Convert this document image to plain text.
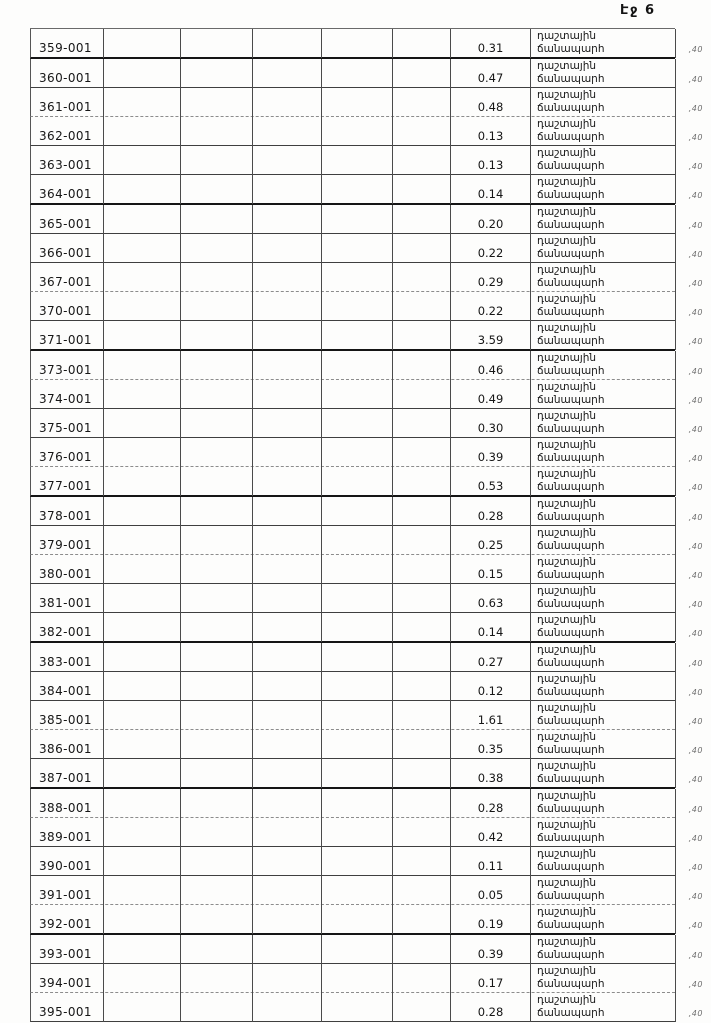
Էջ 6
359-001	0.31
դաշտային
ճանապարհ	,40
360-001	0.47
դաշտային
ճանապարհ	,40
361-001	0.48
դաշտային
ճանապարհ	,40
362-001	0.13
դաշտային
ճանապարհ	,40
363-001	0.13
դաշտային
ճանապարհ	,40
364-001	0.14
դաշտային
ճանապարհ	,40
365-001	0.20
դաշտային
ճանապարհ	,40
366-001	0.22
դաշտային
ճանապարհ	,40
367-001	0.29
դաշտային
ճանապարհ	,40
370-001	0.22
դաշտային
ճանապարհ	,40
371-001	3.59
դաշտային
ճանապարհ	,40
373-001	0.46
դաշտային
ճանապարհ	,40
374-001	0.49
դաշտային
ճանապարհ	,40
375-001	0.30
դաշտային
ճանապարհ	,40
376-001	0.39
դաշտային
ճանապարհ	,40
377-001	0.53
դաշտային
ճանապարհ	,40
378-001	0.28
դաշտային
ճանապարհ	,40
379-001	0.25
դաշտային
ճանապարհ	,40
380-001	0.15
դաշտային
ճանապարհ	,40
381-001	0.63
դաշտային
ճանապարհ	,40
382-001	0.14
դաշտային
ճանապարհ	,40
383-001	0.27
դաշտային
ճանապարհ	,40
384-001	0.12
դաշտային
ճանապարհ	,40
385-001	1.61
դաշտային
ճանապարհ	,40
386-001	0.35
դաշտային
ճանապարհ	,40
387-001	0.38
դաշտային
ճանապարհ	,40
388-001	0.28
դաշտային
ճանապարհ	,40
389-001	0.42
դաշտային
ճանապարհ	,40
390-001	0.11
դաշտային
ճանապարհ	,40
391-001	0.05
դաշտային
ճանապարհ	,40
392-001	0.19
դաշտային
ճանապարհ	,40
393-001	0.39
դաշտային
ճանապարհ	,40
394-001	0.17
դաշտային
ճանապարհ	,40
395-001	0.28
դաշտային
ճանապարհ	,40
